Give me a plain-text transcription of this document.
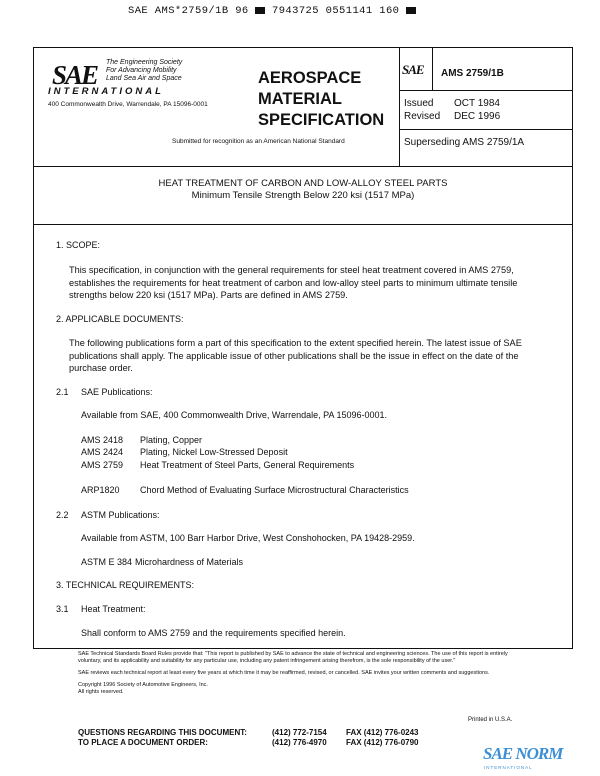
SAE AMS*2759/1B 96 7943725 0551141 160
SAE The Engineering Society
For Advancing Mobility
Land Sea Air and Space
INTERNATIONAL
400 Commonwealth Drive, Warrendale, PA 15096-0001
AEROSPACE
MATERIAL
SPECIFICATION
Submitted for recognition as an American National Standard
SAE AMS 2759/1B
Issued OCT 1984
Revised DEC 1996
Superseding AMS 2759/1A
HEAT TREATMENT OF CARBON AND LOW-ALLOY STEEL PARTS
Minimum Tensile Strength Below 220 ksi (1517 MPa)
1. SCOPE:
This specification, in conjunction with the general requirements for steel heat treatment covered in AMS 2759, establishes the requirements for heat treatment of carbon and low-alloy steel parts to minimum ultimate tensile strengths below 220 ksi (1517 MPa). Parts are defined in AMS 2759.
2. APPLICABLE DOCUMENTS:
The following publications form a part of this specification to the extent specified herein. The latest issue of SAE publications shall apply. The applicable issue of other publications shall be the issue in effect on the date of the purchase order.
2.1 SAE Publications:
Available from SAE, 400 Commonwealth Drive, Warrendale, PA 15096-0001.
AMS 2418 Plating, Copper
AMS 2424 Plating, Nickel Low-Stressed Deposit
AMS 2759 Heat Treatment of Steel Parts, General Requirements
ARP1820 Chord Method of Evaluating Surface Microstructural Characteristics
2.2 ASTM Publications:
Available from ASTM, 100 Barr Harbor Drive, West Conshohocken, PA 19428-2959.
ASTM E 384 Microhardness of Materials
3. TECHNICAL REQUIREMENTS:
3.1 Heat Treatment:
Shall conform to AMS 2759 and the requirements specified herein.
SAE Technical Standards Board Rules provide that: "This report is published by SAE to advance the state of technical and engineering sciences. The use of this report is entirely voluntary, and its applicability and suitability for any particular use, including any patent infringement arising therefrom, is the sole responsibility of the user."
SAE reviews each technical report at least every five years at which time it may be reaffirmed, revised, or cancelled. SAE invites your written comments and suggestions.
Copyright 1996 Society of Automotive Engineers, Inc.
All rights reserved.
Printed in U.S.A.
QUESTIONS REGARDING THIS DOCUMENT:
TO PLACE A DOCUMENT ORDER:
(412) 772-7154
(412) 776-4970
FAX (412) 776-0243
FAX (412) 776-0790
SAE NORM
INTERNATIONAL
